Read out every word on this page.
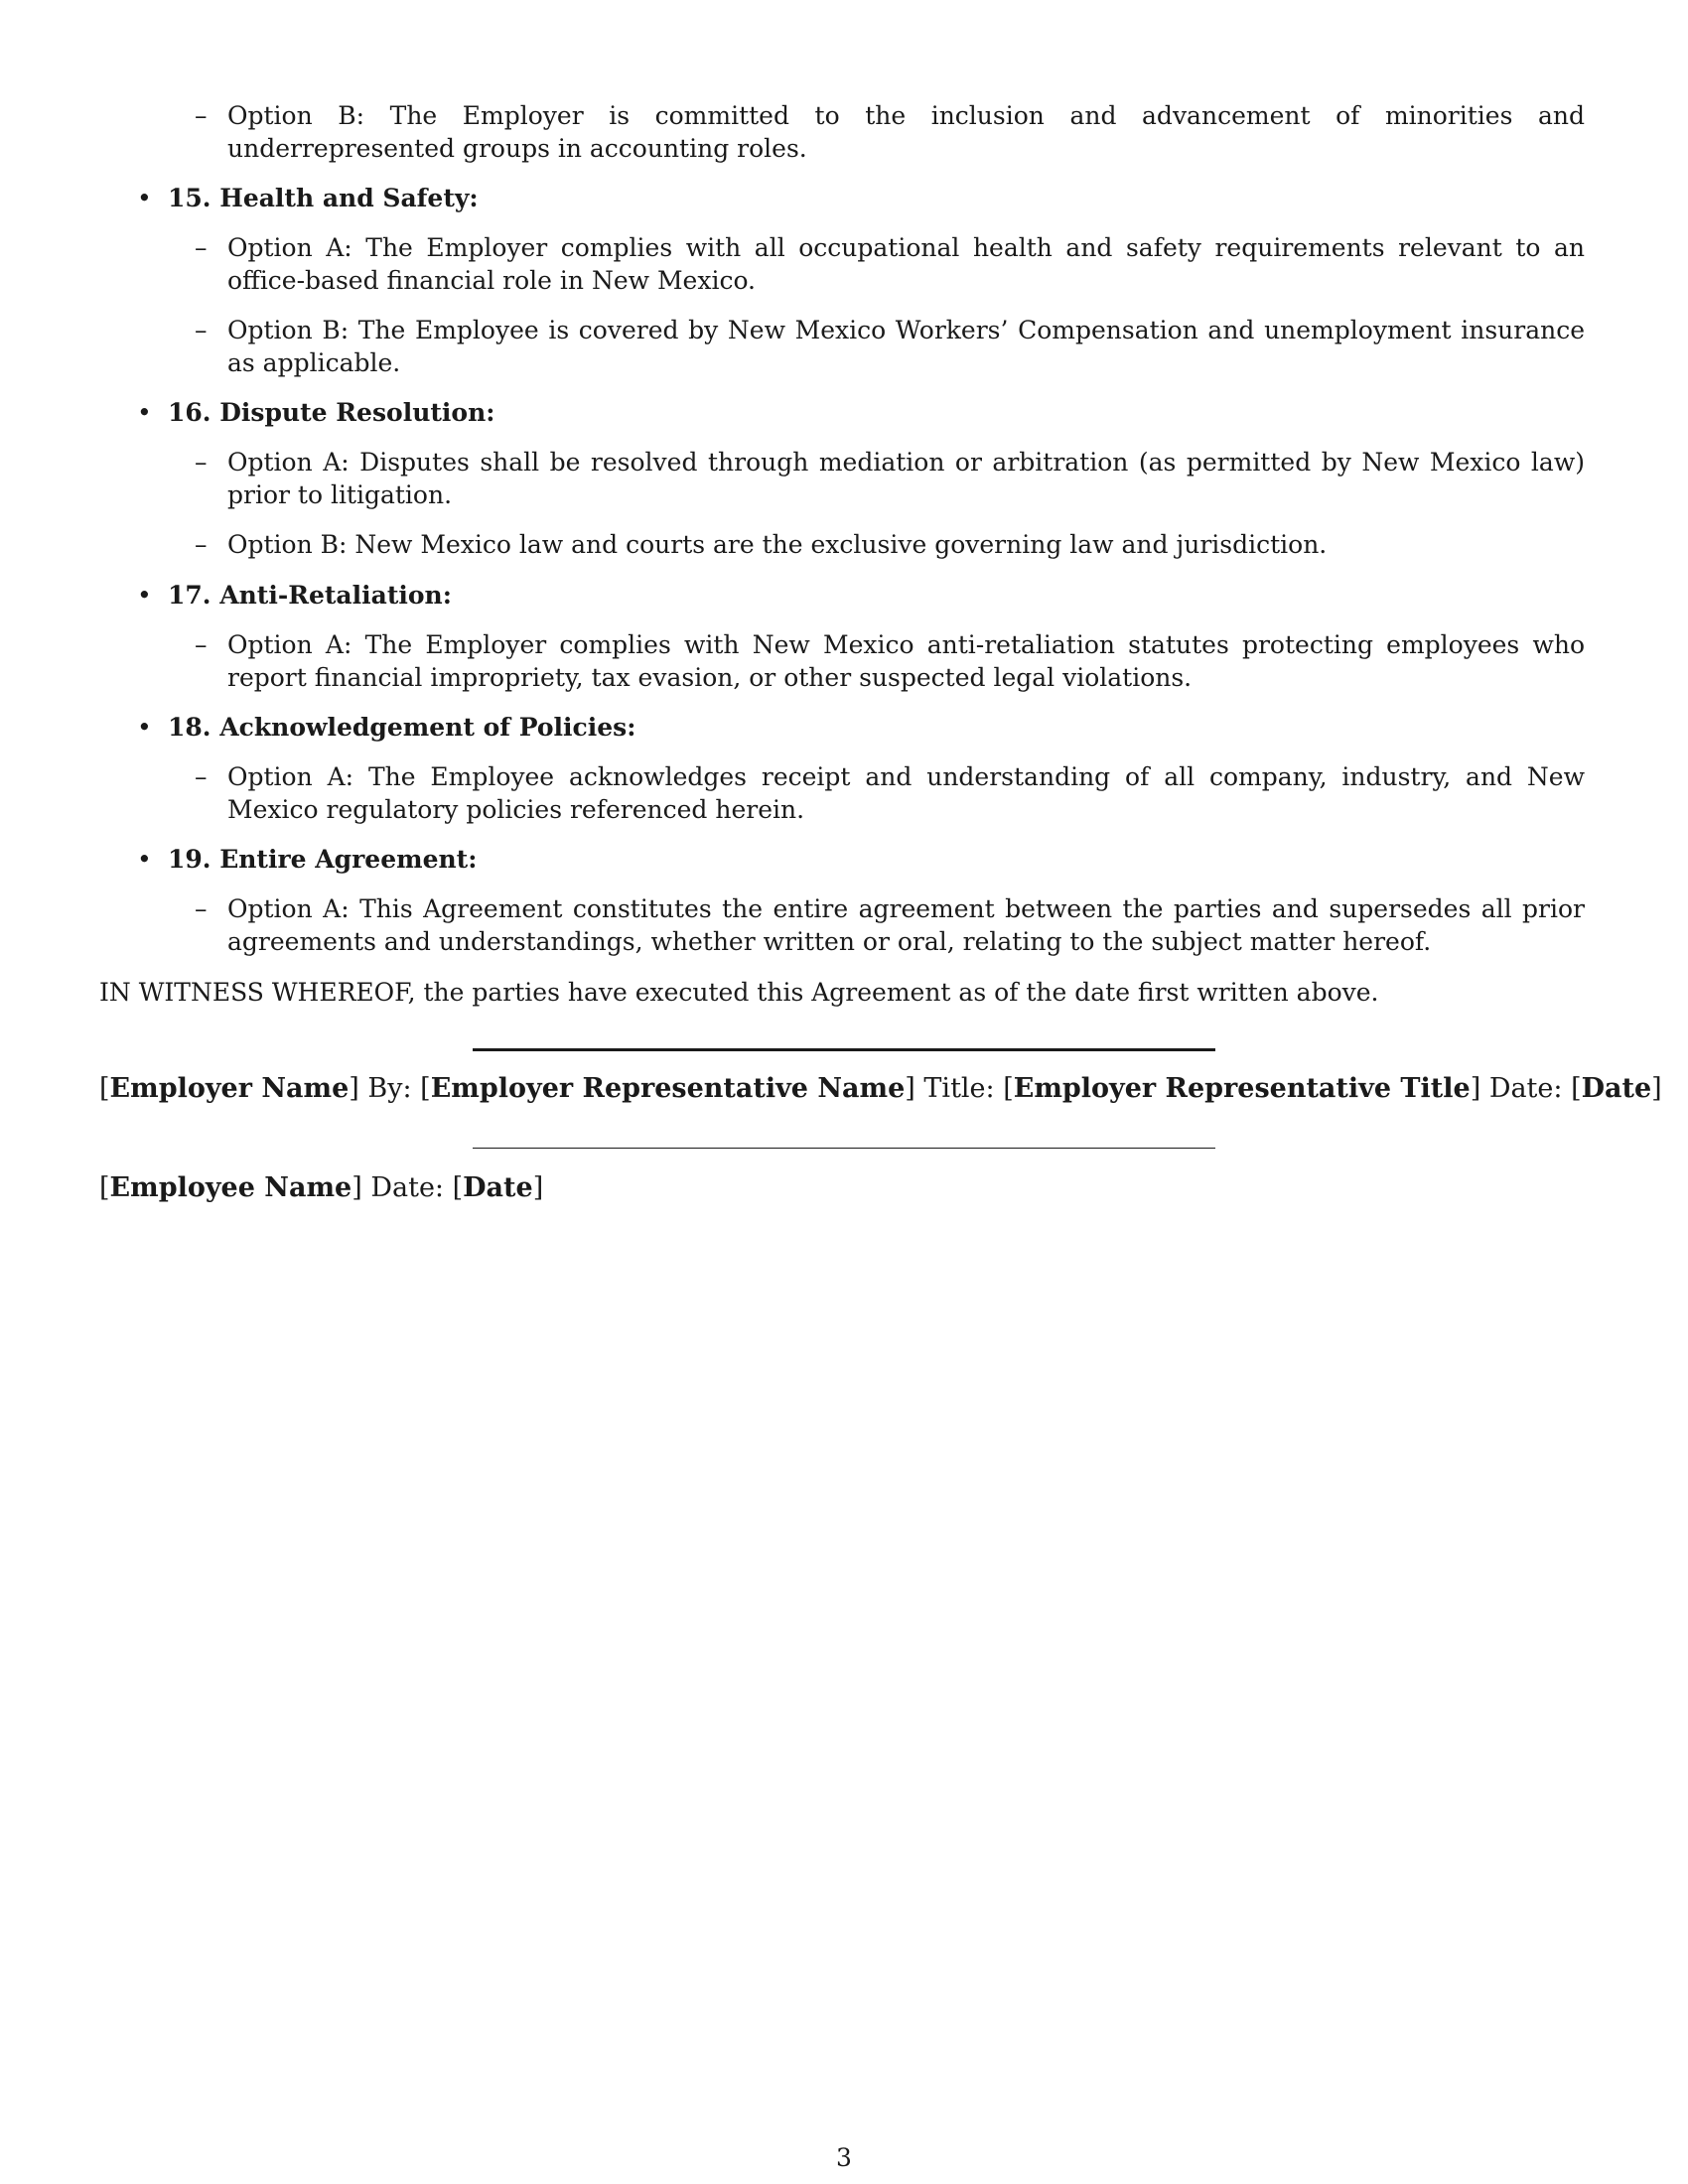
– Option B: The Employer is committed to the inclusion and advancement of minorities and underrepresented groups in accounting roles.
• 15. Health and Safety:
– Option A: The Employer complies with all occupational health and safety requirements relevant to an office-based financial role in New Mexico.
– Option B: The Employee is covered by New Mexico Workers’ Compensation and unemployment insurance as applicable.
• 16. Dispute Resolution:
– Option A: Disputes shall be resolved through mediation or arbitration (as permitted by New Mexico law) prior to litigation.
– Option B: New Mexico law and courts are the exclusive governing law and jurisdiction.
• 17. Anti-Retaliation:
– Option A: The Employer complies with New Mexico anti-retaliation statutes protecting employees who report financial impropriety, tax evasion, or other suspected legal violations.
• 18. Acknowledgement of Policies:
– Option A: The Employee acknowledges receipt and understanding of all company, industry, and New Mexico regulatory policies referenced herein.
• 19. Entire Agreement:
– Option A: This Agreement constitutes the entire agreement between the parties and supersedes all prior agreements and understandings, whether written or oral, relating to the subject matter hereof.
IN WITNESS WHEREOF, the parties have executed this Agreement as of the date first written above.
[Employer Name] By: [Employer Representative Name] Title: [Employer Representative Title] Date: [Date]
[Employee Name] Date: [Date]
3
